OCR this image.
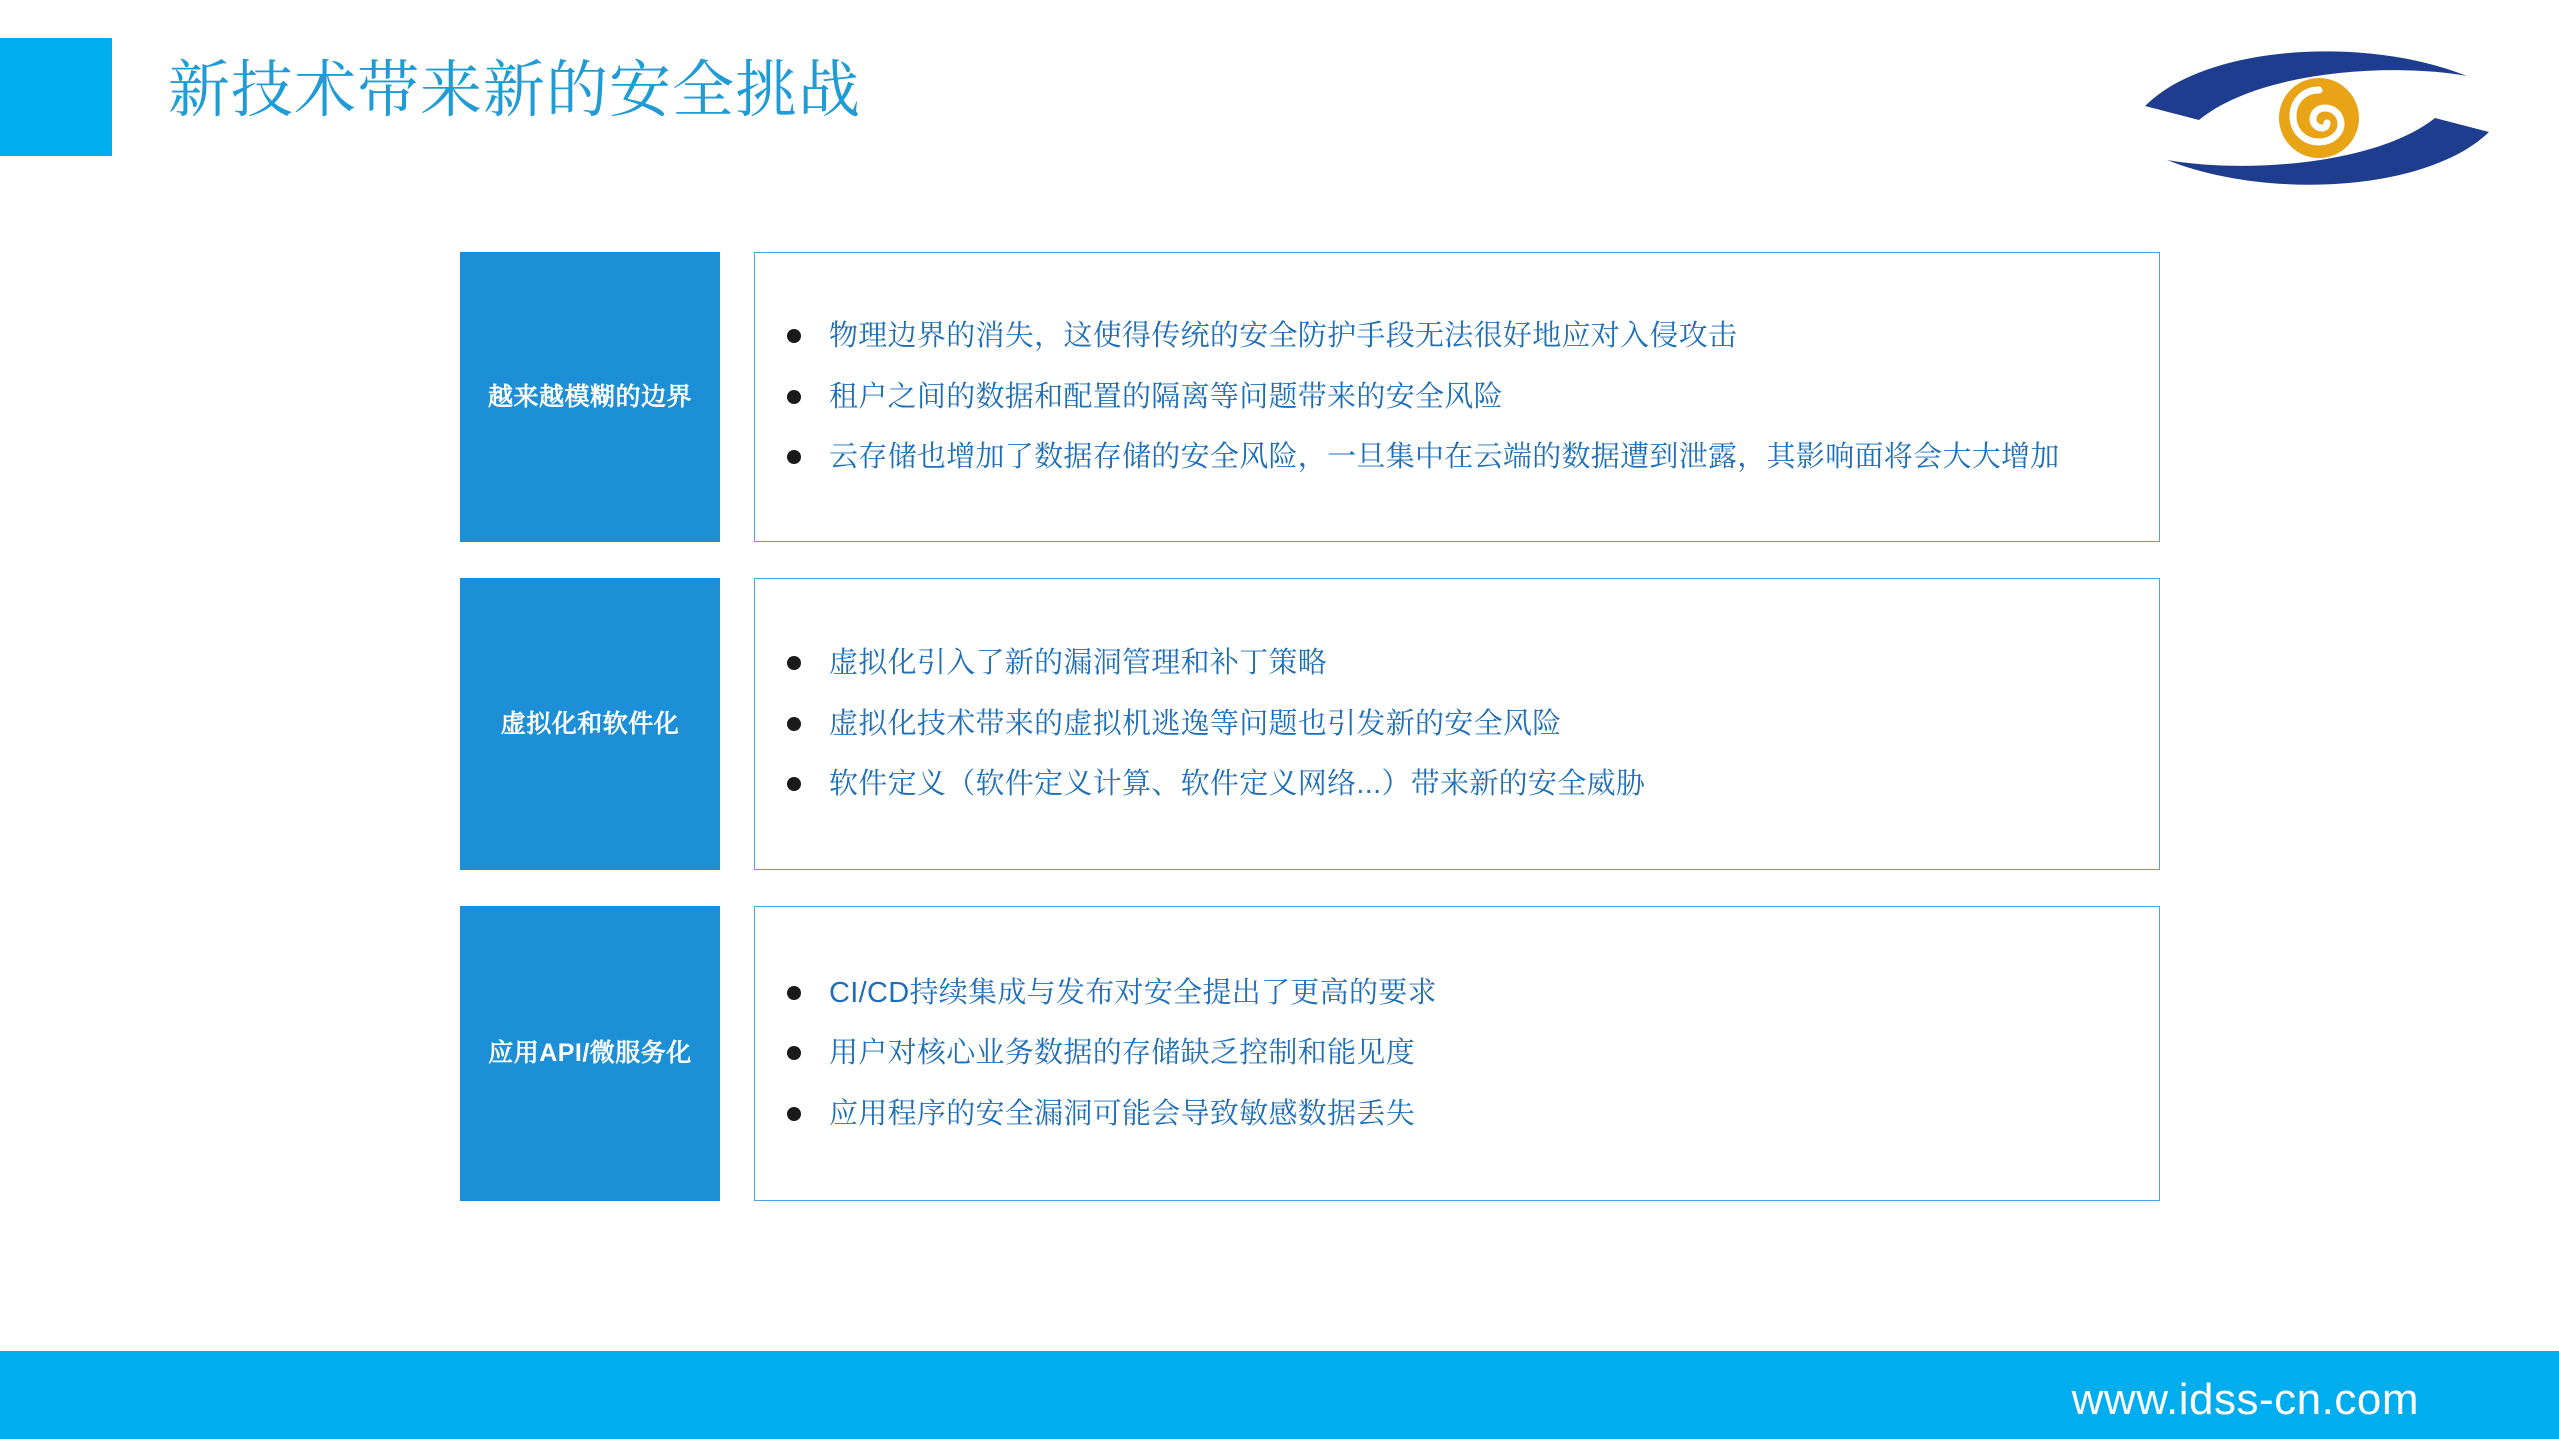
新技术带来新的安全挑战
越来越模糊的边界
物理边界的消失，这使得传统的安全防护手段无法很好地应对入侵攻击
租户之间的数据和配置的隔离等问题带来的安全风险
云存储也增加了数据存储的安全风险，一旦集中在云端的数据遭到泄露，其影响面将会大大增加
虚拟化和软件化
虚拟化引入了新的漏洞管理和补丁策略
虚拟化技术带来的虚拟机逃逸等问题也引发新的安全风险
软件定义（软件定义计算、软件定义网络...）带来新的安全威胁
应用API/微服务化
CI/CD持续集成与发布对安全提出了更高的要求
用户对核心业务数据的存储缺乏控制和能见度
应用程序的安全漏洞可能会导致敏感数据丢失
www.idss-cn.com
